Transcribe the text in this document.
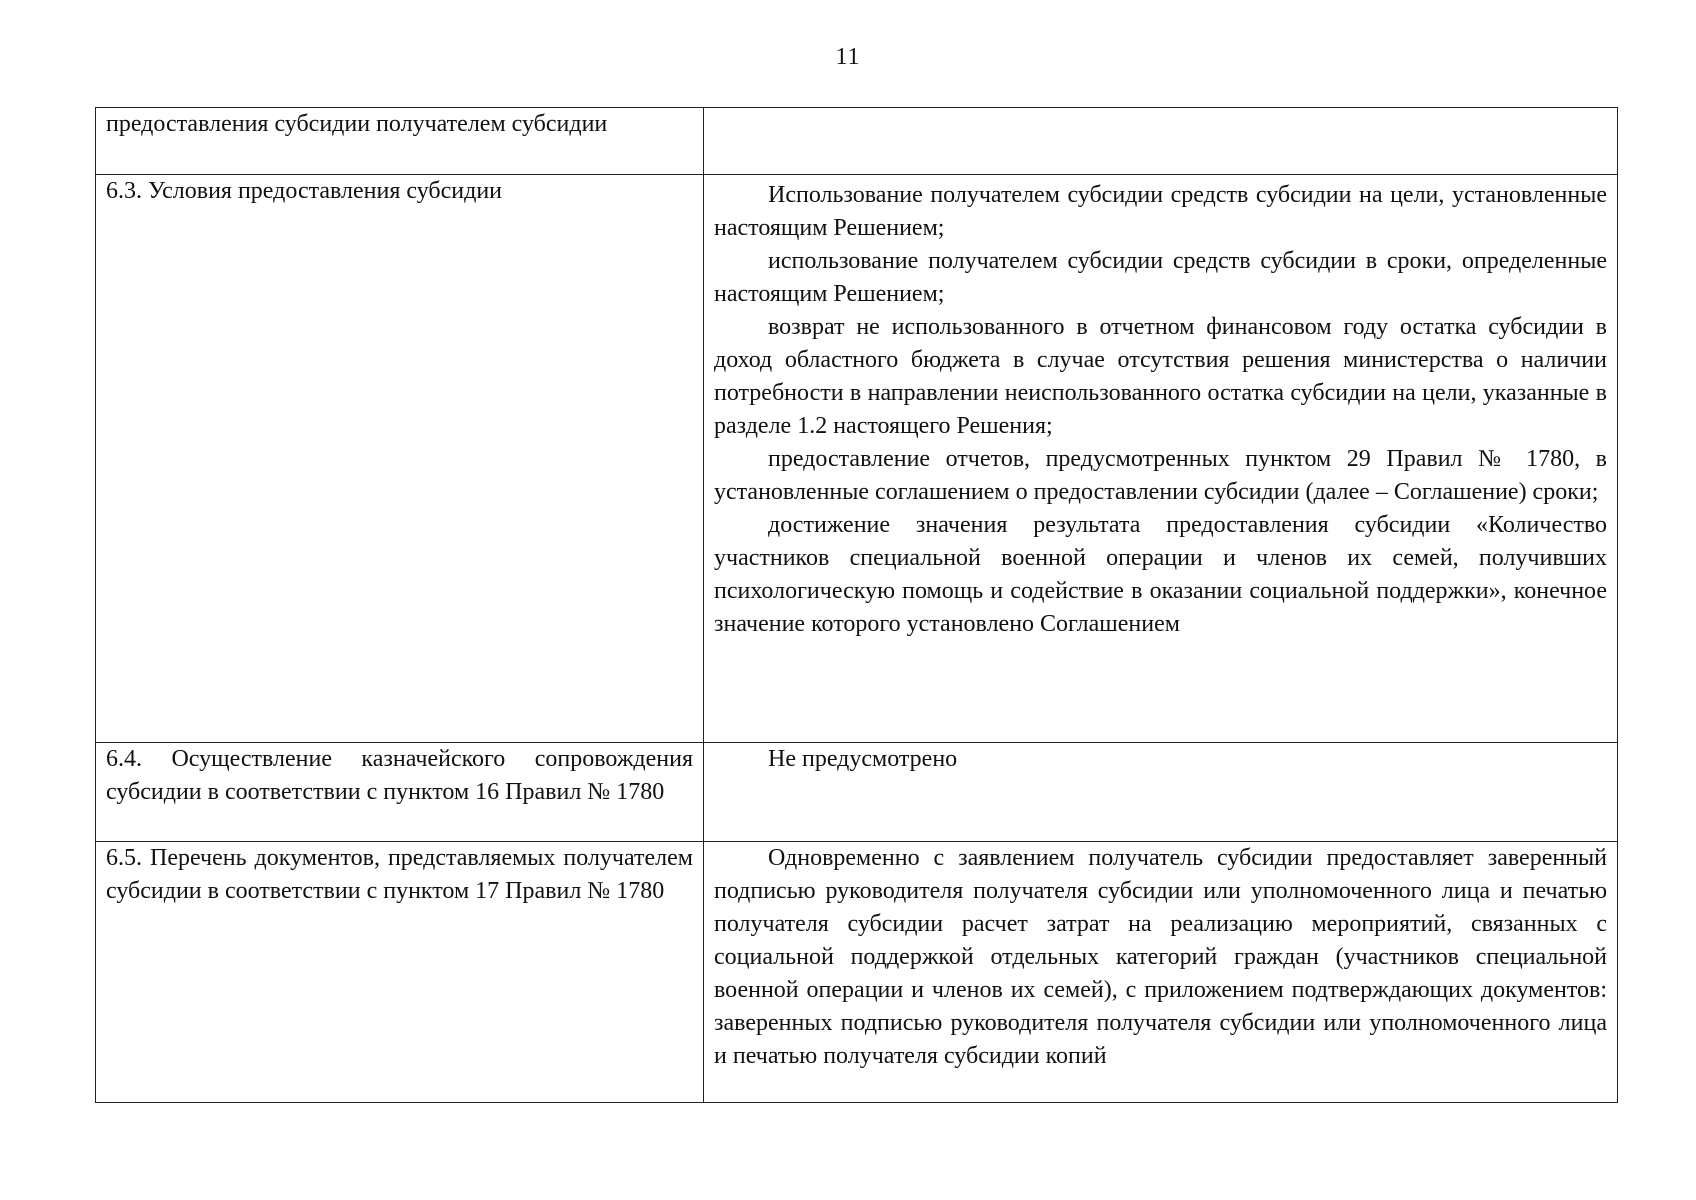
11

предоставления субсидии получателем субсидии	

6.3. Условия предоставления субсидии	Использование получателем субсидии средств субсидии на цели, установленные настоящим Решением;

использование получателем субсидии средств субсидии в сроки, определенные настоящим Решением;

возврат не использованного в отчетном финансовом году остатка субсидии в доход областного бюджета в случае отсутствия решения министерства о наличии потребности в направлении неиспользованного остатка субсидии на цели, указанные в разделе 1.2 настоящего Решения;

предоставление отчетов, предусмотренных пунктом 29 Правил № 1780, в установленные соглашением о предоставлении субсидии (далее – Соглашение) сроки;

достижение значения результата предоставления субсидии «Количество участников специальной военной операции и членов их семей, получивших психологическую помощь и содействие в оказании социальной поддержки», конечное значение которого установлено Соглашением

6.4. Осуществление казначейского сопровождения субсидии в соответствии с пунктом 16 Правил № 1780	Не предусмотрено

6.5. Перечень документов, представляемых получателем субсидии в соответствии с пунктом 17 Правил № 1780	Одновременно с заявлением получатель субсидии предоставляет заверенный подписью руководителя получателя субсидии или уполномоченного лица и печатью получателя субсидии расчет затрат на реализацию мероприятий, связанных с социальной поддержкой отдельных категорий граждан (участников специальной военной операции и членов их семей), с приложением подтверждающих документов: заверенных подписью руководителя получателя субсидии или уполномоченного лица и печатью получателя субсидии копий
